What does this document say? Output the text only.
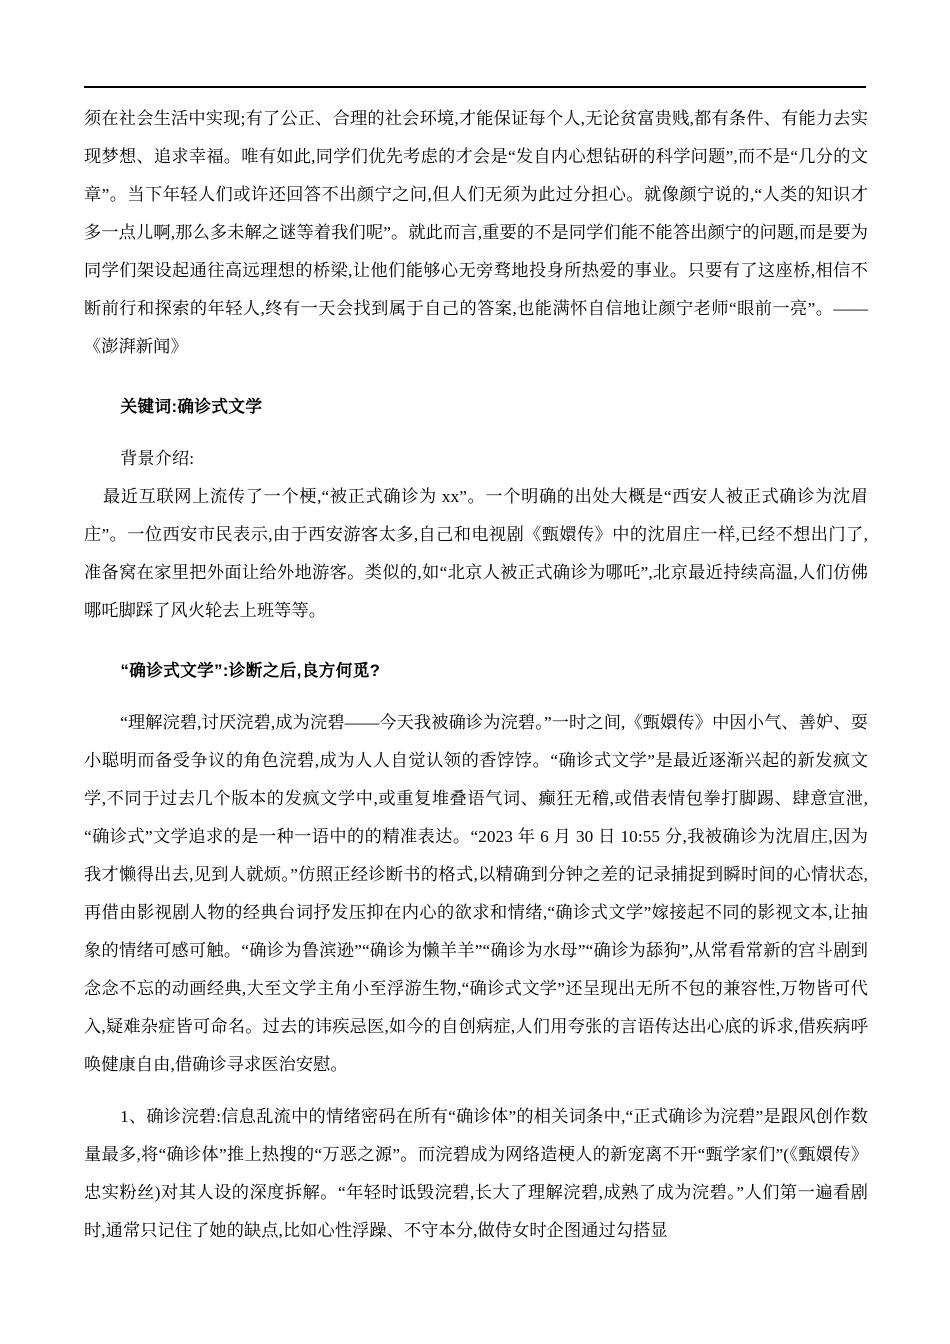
须在社会生活中实现;有了公正、合理的社会环境,才能保证每个人,无论贫富贵贱,都有条件、有能力去实现梦想、追求幸福。唯有如此,同学们优先考虑的才会是“发自内心想钻研的科学问题”,而不是“几分的文章”。当下年轻人们或许还回答不出颜宁之问,但人们无须为此过分担心。就像颜宁说的,“人类的知识才多一点儿啊,那么多未解之谜等着我们呢”。就此而言,重要的不是同学们能不能答出颜宁的问题,而是要为同学们架设起通往高远理想的桥梁,让他们能够心无旁骛地投身所热爱的事业。只要有了这座桥,相信不断前行和探索的年轻人,终有一天会找到属于自己的答案,也能满怀自信地让颜宁老师“眼前一亮”。——《澎湃新闻》

关键词:确诊式文学

背景介绍:

最近互联网上流传了一个梗,“被正式确诊为 xx”。一个明确的出处大概是“西安人被正式确诊为沈眉庄”。一位西安市民表示,由于西安游客太多,自己和电视剧《甄嬛传》中的沈眉庄一样,已经不想出门了,准备窝在家里把外面让给外地游客。类似的,如“北京人被正式确诊为哪吒”,北京最近持续高温,人们仿佛哪吒脚踩了风火轮去上班等等。

“确诊式文学”:诊断之后,良方何觅?

“理解浣碧,讨厌浣碧,成为浣碧——今天我被确诊为浣碧。”一时之间,《甄嬛传》中因小气、善妒、耍小聪明而备受争议的角色浣碧,成为人人自觉认领的香饽饽。“确诊式文学”是最近逐渐兴起的新发疯文学,不同于过去几个版本的发疯文学中,或重复堆叠语气词、癫狂无稽,或借表情包拳打脚踢、肆意宣泄,“确诊式”文学追求的是一种一语中的的精准表达。“2023 年 6 月 30 日 10:55 分,我被确诊为沈眉庄,因为我才懒得出去,见到人就烦。”仿照正经诊断书的格式,以精确到分钟之差的记录捕捉到瞬时间的心情状态,再借由影视剧人物的经典台词抒发压抑在内心的欲求和情绪,“确诊式文学”嫁接起不同的影视文本,让抽象的情绪可感可触。“确诊为鲁滨逊”“确诊为懒羊羊”“确诊为水母”“确诊为舔狗”,从常看常新的宫斗剧到念念不忘的动画经典,大至文学主角小至浮游生物,“确诊式文学”还呈现出无所不包的兼容性,万物皆可代入,疑难杂症皆可命名。过去的讳疾忌医,如今的自创病症,人们用夸张的言语传达出心底的诉求,借疾病呼唤健康自由,借确诊寻求医治安慰。

1、确诊浣碧:信息乱流中的情绪密码在所有“确诊体”的相关词条中,“正式确诊为浣碧”是跟风创作数量最多,将“确诊体”推上热搜的“万恶之源”。而浣碧成为网络造梗人的新宠离不开“甄学家们”(《甄嬛传》忠实粉丝)对其人设的深度拆解。“年轻时诋毁浣碧,长大了理解浣碧,成熟了成为浣碧。”人们第一遍看剧时,通常只记住了她的缺点,比如心性浮躁、不守本分,做侍女时企图通过勾搭显
